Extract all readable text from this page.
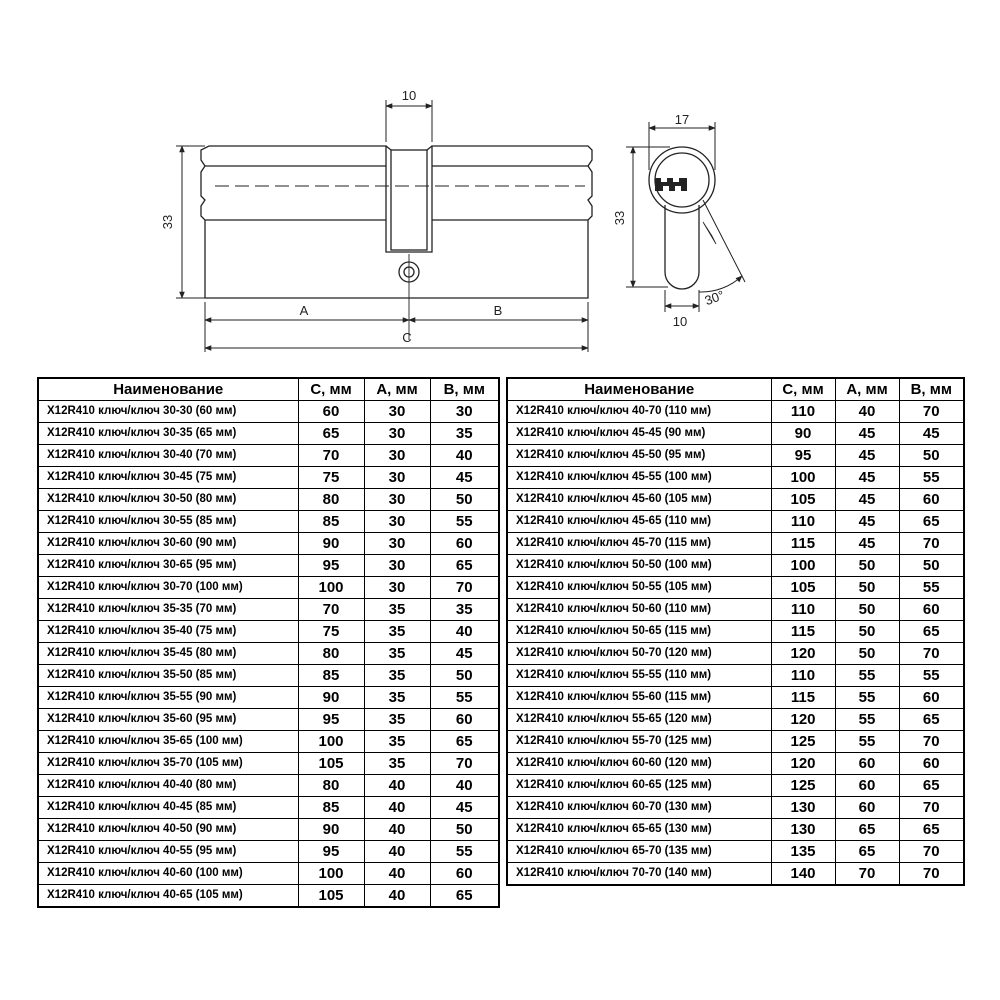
10
33
A	B
C
17
33
10
30°
Наименование	C, мм	A, мм	B, мм
X12R410 ключ/ключ 30-30 (60 мм)	60	30	30
X12R410 ключ/ключ 30-35 (65 мм)	65	30	35
X12R410 ключ/ключ 30-40 (70 мм)	70	30	40
X12R410 ключ/ключ 30-45 (75 мм)	75	30	45
X12R410 ключ/ключ 30-50 (80 мм)	80	30	50
X12R410 ключ/ключ 30-55 (85 мм)	85	30	55
X12R410 ключ/ключ 30-60 (90 мм)	90	30	60
X12R410 ключ/ключ 30-65 (95 мм)	95	30	65
X12R410 ключ/ключ 30-70 (100 мм)	100	30	70
X12R410 ключ/ключ 35-35 (70 мм)	70	35	35
X12R410 ключ/ключ 35-40 (75 мм)	75	35	40
X12R410 ключ/ключ 35-45 (80 мм)	80	35	45
X12R410 ключ/ключ 35-50 (85 мм)	85	35	50
X12R410 ключ/ключ 35-55 (90 мм)	90	35	55
X12R410 ключ/ключ 35-60 (95 мм)	95	35	60
X12R410 ключ/ключ 35-65 (100 мм)	100	35	65
X12R410 ключ/ключ 35-70 (105 мм)	105	35	70
X12R410 ключ/ключ 40-40 (80 мм)	80	40	40
X12R410 ключ/ключ 40-45 (85 мм)	85	40	45
X12R410 ключ/ключ 40-50 (90 мм)	90	40	50
X12R410 ключ/ключ 40-55 (95 мм)	95	40	55
X12R410 ключ/ключ 40-60 (100 мм)	100	40	60
X12R410 ключ/ключ 40-65 (105 мм)	105	40	65
Наименование	C, мм	A, мм	B, мм
X12R410 ключ/ключ 40-70 (110 мм)	110	40	70
X12R410 ключ/ключ 45-45 (90 мм)	90	45	45
X12R410 ключ/ключ 45-50 (95 мм)	95	45	50
X12R410 ключ/ключ 45-55 (100 мм)	100	45	55
X12R410 ключ/ключ 45-60 (105 мм)	105	45	60
X12R410 ключ/ключ 45-65 (110 мм)	110	45	65
X12R410 ключ/ключ 45-70 (115 мм)	115	45	70
X12R410 ключ/ключ 50-50 (100 мм)	100	50	50
X12R410 ключ/ключ 50-55 (105 мм)	105	50	55
X12R410 ключ/ключ 50-60 (110 мм)	110	50	60
X12R410 ключ/ключ 50-65 (115 мм)	115	50	65
X12R410 ключ/ключ 50-70 (120 мм)	120	50	70
X12R410 ключ/ключ 55-55 (110 мм)	110	55	55
X12R410 ключ/ключ 55-60 (115 мм)	115	55	60
X12R410 ключ/ключ 55-65 (120 мм)	120	55	65
X12R410 ключ/ключ 55-70 (125 мм)	125	55	70
X12R410 ключ/ключ 60-60 (120 мм)	120	60	60
X12R410 ключ/ключ 60-65 (125 мм)	125	60	65
X12R410 ключ/ключ 60-70 (130 мм)	130	60	70
X12R410 ключ/ключ 65-65 (130 мм)	130	65	65
X12R410 ключ/ключ 65-70 (135 мм)	135	65	70
X12R410 ключ/ключ 70-70 (140 мм)	140	70	70
